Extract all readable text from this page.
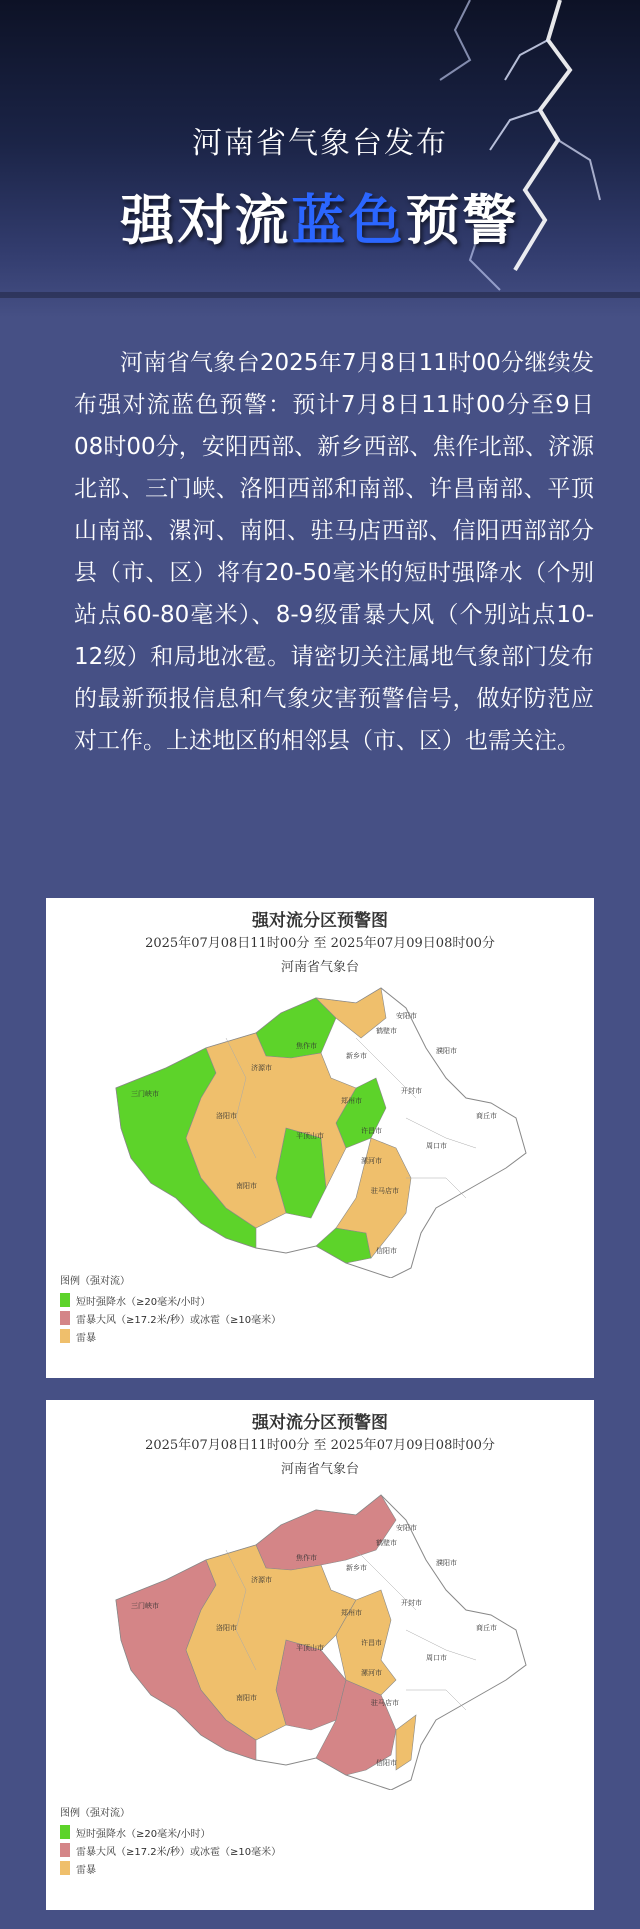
河南省气象台发布
强对流蓝色预警
河南省气象台2025年7月8日11时00分继续发布强对流蓝色预警：预计7月8日11时00分至9日08时00分，安阳西部、新乡西部、焦作北部、济源北部、三门峡、洛阳西部和南部、许昌南部、平顶山南部、漯河、南阳、驻马店西部、信阳西部部分县（市、区）将有20-50毫米的短时强降水（个别站点60-80毫米）、8-9级雷暴大风（个别站点10-12级）和局地冰雹。请密切关注属地气象部门发布的最新预报信息和气象灾害预警信号，做好防范应对工作。上述地区的相邻县（市、区）也需关注。
强对流分区预警图
2025年07月08日11时00分 至 2025年07月09日08时00分
河南省气象台
三门峡市
洛阳市
济源市
焦作市
新乡市
安阳市
鹤壁市
濮阳市
郑州市
开封市
商丘市
许昌市
平顶山市
漯河市
周口市
南阳市
驻马店市
信阳市
图例（强对流）
短时强降水（≥20毫米/小时）
雷暴大风（≥17.2米/秒）或冰雹（≥10毫米）
雷暴
强对流分区预警图
2025年07月08日11时00分 至 2025年07月09日08时00分
河南省气象台
三门峡市
洛阳市
济源市
焦作市
新乡市
安阳市
鹤壁市
濮阳市
郑州市
开封市
商丘市
许昌市
平顶山市
漯河市
周口市
南阳市
驻马店市
信阳市
图例（强对流）
短时强降水（≥20毫米/小时）
雷暴大风（≥17.2米/秒）或冰雹（≥10毫米）
雷暴
